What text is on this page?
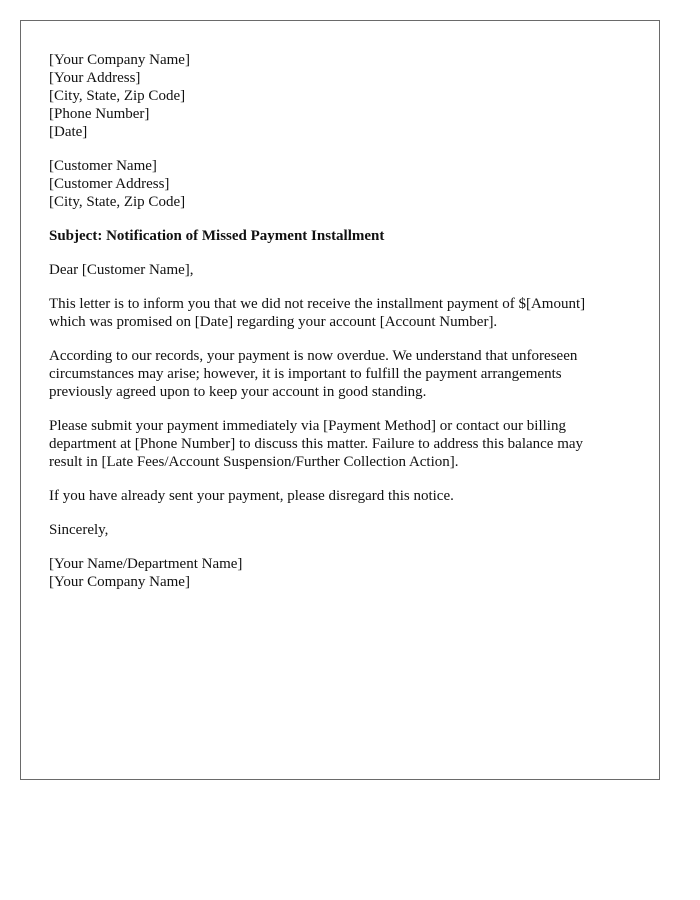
[Your Company Name]
[Your Address]
[City, State, Zip Code]
[Phone Number]
[Date]
[Customer Name]
[Customer Address]
[City, State, Zip Code]

Subject: Notification of Missed Payment Installment

Dear [Customer Name],

This letter is to inform you that we did not receive the installment payment of $[Amount]
which was promised on [Date] regarding your account [Account Number].
According to our records, your payment is now overdue. We understand that unforeseen
circumstances may arise; however, it is important to fulfill the payment arrangements
previously agreed upon to keep your account in good standing.
Please submit your payment immediately via [Payment Method] or contact our billing
department at [Phone Number] to discuss this matter. Failure to address this balance may
result in [Late Fees/Account Suspension/Further Collection Action].

If you have already sent your payment, please disregard this notice.

Sincerely,

[Your Name/Department Name]
[Your Company Name]
